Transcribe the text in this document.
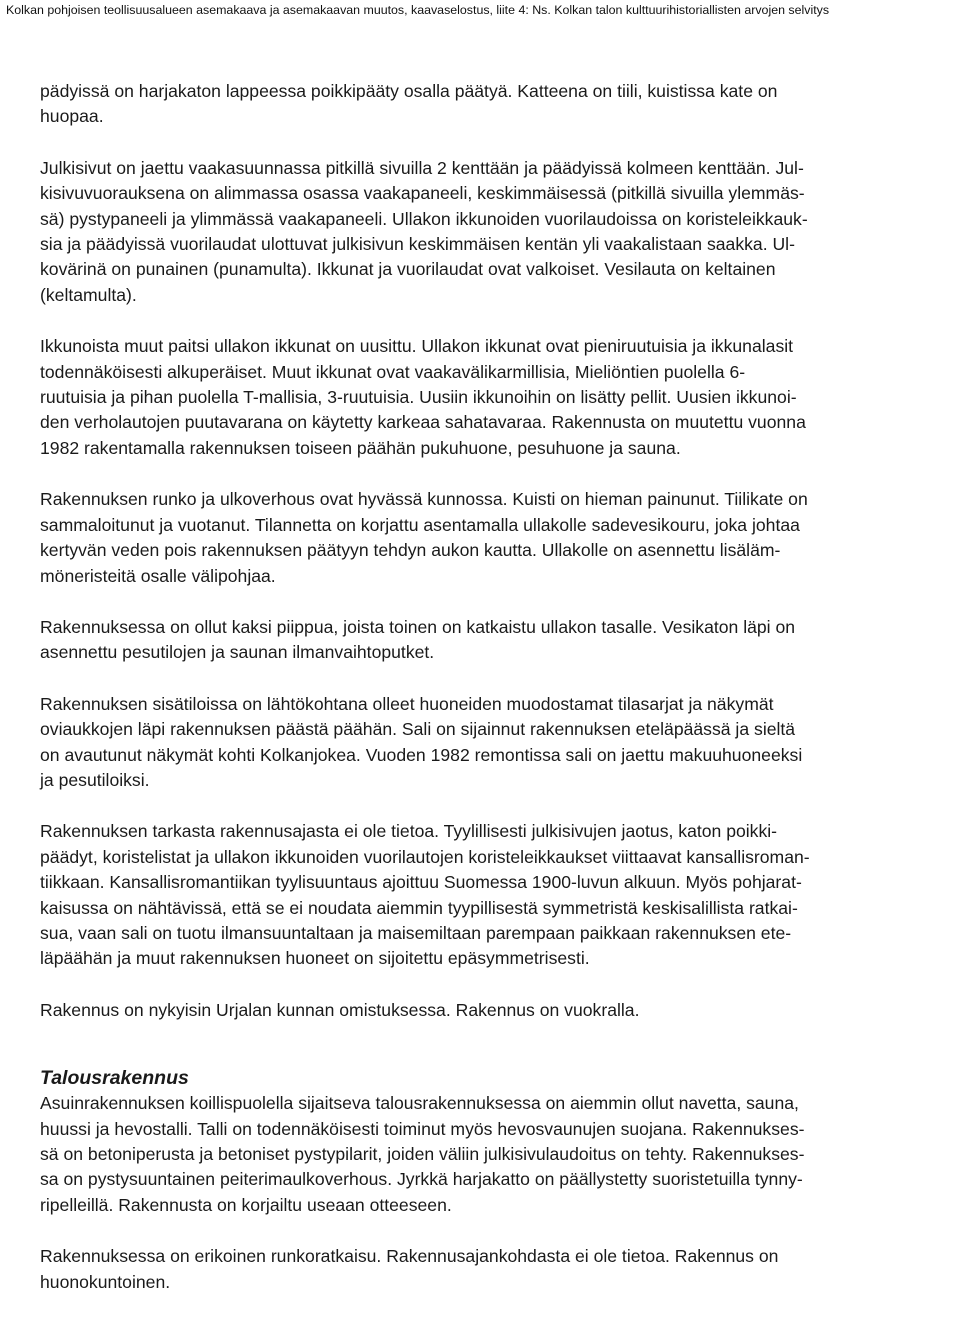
Kolkan pohjoisen teollisuusalueen asemakaava ja asemakaavan muutos, kaavaselostus, liite 4: Ns. Kolkan talon kulttuurihistoriallisten arvojen selvitys

pädyissä on harjakaton lappeessa poikkipääty osalla päätyä. Katteena on tiili, kuistissa kate on
huopaa.

Julkisivut on jaettu vaakasuunnassa pitkillä sivuilla 2 kenttään ja päädyissä kolmeen kenttään. Jul-
kisivuvuorauksena on alimmassa osassa vaakapaneeli, keskimmäisessä (pitkillä sivuilla ylemmäs-
sä) pystypaneeli ja ylimmässä vaakapaneeli. Ullakon ikkunoiden vuorilaudoissa on koristeleikkauk-
sia ja päädyissä vuorilaudat ulottuvat julkisivun keskimmäisen kentän yli vaakalistaan saakka. Ul-
kovärinä on punainen (punamulta). Ikkunat ja vuorilaudat ovat valkoiset. Vesilauta on keltainen
(keltamulta).

Ikkunoista muut paitsi ullakon ikkunat on uusittu. Ullakon ikkunat ovat pieniruutuisia ja ikkunalasit
todennäköisesti alkuperäiset. Muut ikkunat ovat vaakavälikarmillisia, Mieliöntien puolella 6-
ruutuisia ja pihan puolella T-mallisia, 3-ruutuisia. Uusiin ikkunoihin on lisätty pellit. Uusien ikkunoi-
den verholautojen puutavarana on käytetty karkeaa sahatavaraa. Rakennusta on muutettu vuonna
1982 rakentamalla rakennuksen toiseen päähän pukuhuone, pesuhuone ja sauna.

Rakennuksen runko ja ulkoverhous ovat hyvässä kunnossa. Kuisti on hieman painunut. Tiilikate on
sammaloitunut ja vuotanut. Tilannetta on korjattu asentamalla ullakolle sadevesikouru, joka johtaa
kertyvän veden pois rakennuksen päätyyn tehdyn aukon kautta. Ullakolle on asennettu lisäläm-
möneristeitä osalle välipohjaa.

Rakennuksessa on ollut kaksi piippua, joista toinen on katkaistu ullakon tasalle. Vesikaton läpi on
asennettu pesutilojen ja saunan ilmanvaihtoputket.

Rakennuksen sisätiloissa on lähtökohtana olleet huoneiden muodostamat tilasarjat ja näkymät
oviaukkojen läpi rakennuksen päästä päähän. Sali on sijainnut rakennuksen eteläpäässä ja sieltä
on avautunut näkymät kohti Kolkanjokea. Vuoden 1982 remontissa sali on jaettu makuuhuoneeksi
ja pesutiloiksi.

Rakennuksen tarkasta rakennusajasta ei ole tietoa. Tyylillisesti julkisivujen jaotus, katon poikki-
päädyt, koristelistat ja ullakon ikkunoiden vuorilautojen koristeleikkaukset viittaavat kansallisroman-
tiikkaan. Kansallisromantiikan tyylisuuntaus ajoittuu Suomessa 1900-luvun alkuun. Myös pohjarat-
kaisussa on nähtävissä, että se ei noudata aiemmin tyypillisestä symmetristä keskisalillista ratkai-
sua, vaan sali on tuotu ilmansuuntaltaan ja maisemiltaan parempaan paikkaan rakennuksen ete-
läpäähän ja muut rakennuksen huoneet on sijoitettu epäsymmetrisesti.

Rakennus on nykyisin Urjalan kunnan omistuksessa. Rakennus on vuokralla.

Talousrakennus

Asuinrakennuksen koillispuolella sijaitseva talousrakennuksessa on aiemmin ollut navetta, sauna,
huussi ja hevostalli. Talli on todennäköisesti toiminut myös hevosvaunujen suojana. Rakennukses-
sä on betoniperusta ja betoniset pystypilarit, joiden väliin julkisivulaudoitus on tehty. Rakennukses-
sa on pystysuuntainen peiterimaulkoverhous. Jyrkkä harjakatto on päällystetty suoristetuilla tynny-
ripelleillä. Rakennusta on korjailtu useaan otteeseen.

Rakennuksessa on erikoinen runkoratkaisu. Rakennusajankohdasta ei ole tietoa. Rakennus on
huonokuntoinen.
